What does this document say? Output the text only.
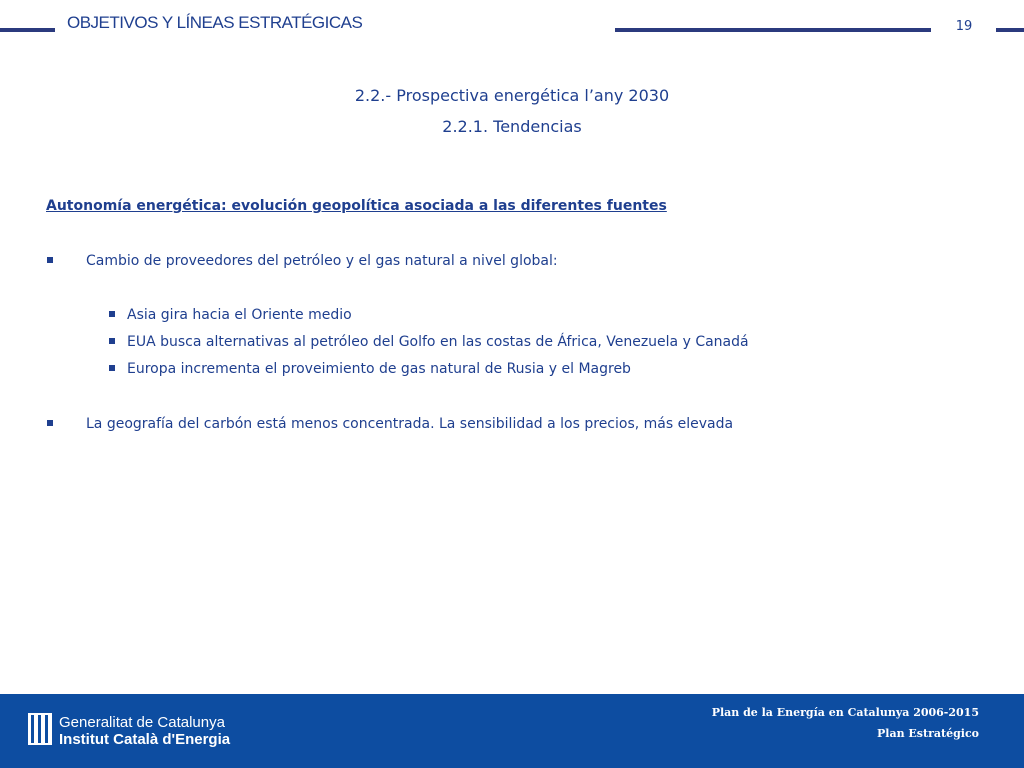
OBJETIVOS Y LÍNEAS ESTRATÉGICAS	19
2.2.- Prospectiva energética l’any 2030
2.2.1. Tendencias
Autonomía energética: evolución geopolítica asociada a las diferentes fuentes
Cambio de proveedores del petróleo y el gas natural a nivel global:
Asia gira hacia el Oriente medio
EUA busca alternativas al petróleo del Golfo en las costas de África, Venezuela y Canadá
Europa incrementa el proveimiento de gas natural de Rusia y el Magreb
La geografía del carbón está menos concentrada. La sensibilidad a los precios, más elevada
Generalitat de Catalunya
Institut Català d'Energia
Plan de la Energía en Catalunya 2006-2015
Plan Estratégico
